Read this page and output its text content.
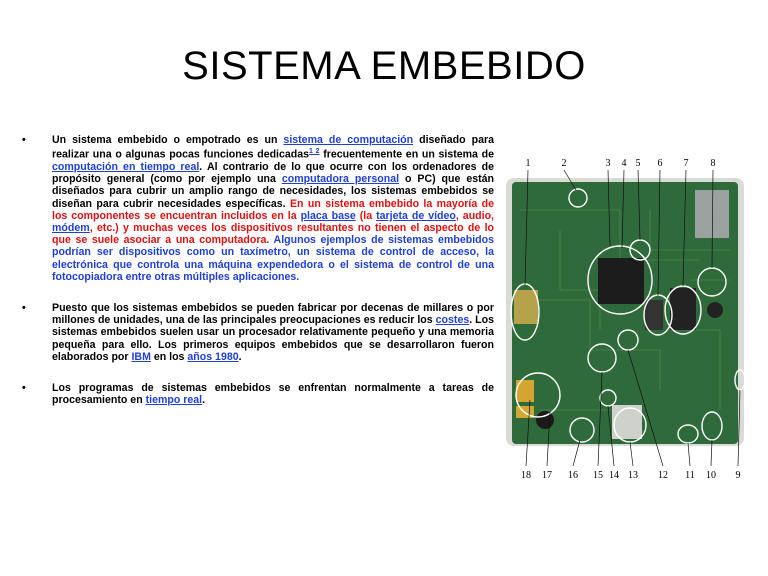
SISTEMA EMBEBIDO
• Un sistema embebido o empotrado es un sistema de computación diseñado para realizar una o algunas pocas funciones dedicadas$^{1 2}$ frecuentemente en un sistema de computación en tiempo real. Al contrario de lo que ocurre con los ordenadores de propósito general (como por ejemplo una computadora personal o PC) que están diseñados para cubrir un amplio rango de necesidades, los sistemas embebidos se diseñan para cubrir necesidades específicas. En un sistema embebido la mayoría de los componentes se encuentran incluidos en la placa base (la tarjeta de vídeo, audio, módem, etc.) y muchas veces los dispositivos resultantes no tienen el aspecto de lo que se suele asociar a una computadora. Algunos ejemplos de sistemas embebidos podrían ser dispositivos como un taxímetro, un sistema de control de acceso, la electrónica que controla una máquina expendedora o el sistema de control de una fotocopiadora entre otras múltiples aplicaciones.
• Puesto que los sistemas embebidos se pueden fabricar por decenas de millares o por millones de unidades, una de las principales preocupaciones es reducir los costes. Los sistemas embebidos suelen usar un procesador relativamente pequeño y una memoria pequeña para ello. Los primeros equipos embebidos que se desarrollaron fueron elaborados por IBM en los años 1980.
• Los programas de sistemas embebidos se enfrentan normalmente a tareas de procesamiento en tiempo real.
1	2	3 4 5 6 7 8
18 17 16 15 14 13 12 11 10 9
